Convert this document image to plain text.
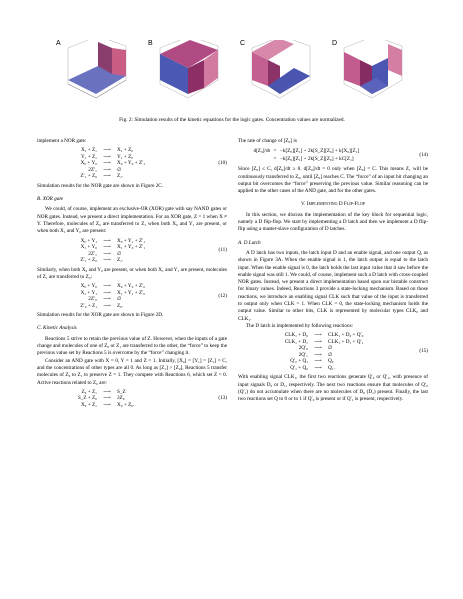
A	B	C	D
Fig. 2: Simulation results of the kinetic equations for the logic gates. Concentration values are normalized.

implement a NOR gate:

X₁ + Z₁	⟶	X₁ + Z₀
Y₁ + Z₁	⟶	Y₁ + Z₀
X₀ + Y₀	⟶	X₀ + Y₀ + Z′₁
2Z′₁	⟶	∅
Z′₁ + Z₀	⟶	Z₁.
(10)

Simulation results for the NOR gate are shown in Figure 2C.

B. XOR gate

We could, of course, implement an exclusive-OR (XOR) gate with say NAND gates or NOR gates. Instead, we present a direct implementation. For an XOR gate, Z = 1 when X ≠ Y. Therefore, molecules of Z₀ are transferred to Z₁ when both X₀ and Y₁ are present, or when both X₁ and Y₀ are present:

X₀ + Y₁	⟶	X₀ + Y₁ + Z′₁
X₁ + Y₀	⟶	X₁ + Y₀ + Z′₁
2Z′₁	⟶	∅
Z′₁ + Z₀	⟶	Z₁.
(11)

Similarly, when both X₀ and Y₀ are present, or when both X₁ and Y₁ are present, molecules of Z₁ are transferred to Z₀:

X₀ + Y₀	⟶	X₀ + Y₀ + Z′₀
X₁ + Y₁	⟶	X₁ + Y₁ + Z′₀
2Z′₀	⟶	∅
Z′₀ + Z₁	⟶	Z₀.
(12)

Simulation results for the XOR gate are shown in Figure 2D.

C. Kinetic Analysis

Reactions 5 strive to retain the previous value of Z. However, when the inputs of a gate change and molecules of one of Z₀ or Z₁ are transferred to the other, the “force” to keep the previous value set by Reactions 5 is overcome by the “force” changing it.

Consider an AND gate with X = 0, Y = 1 and Z = 1. Initially, [X₀] = [Y₁] = [Z₁] = C, and the concentrations of other types are all 0. As long as [Z₁] > [Z₀], Reactions 5 transfer molecules of Z₀ to Z₁ to preserve Z = 1. They compete with Reactions 6, which set Z = 0. Active reactions related to Z₀ are:

Z₀ + Z₁	⟶	S_Z
S_Z + Z₀	⟶	3Z₀
X₀ + Z₁	⟶	X₀ + Z₀.
(13)

The rate of change of [Z₀] is

d[Z₀]/dt = −k[Z₀][Z₁] + 2k[S_Z][Z₀] + k[X₀][Z₁]
= −k[Z₀][Z₁] + 2k[S_Z][Z₀] + kC[Z₁]
(14)

Since [Z₀] ≤ C, d[Z₀]/dt ≥ 0. d[Z₀]/dt = 0 only when [Z₀] = C. This means Z₁ will be continuously transferred to Z₀, until [Z₀] reaches C. The “force” of an input bit changing an output bit overcomes the “force” preserving the previous value. Similar reasoning can be applied to the other cases of the AND gate, and for the other gates.

V. Implementing D Flip-Flop

In this section, we discuss the implementation of the key block for sequential logic, namely a D flip-flop. We start by implementing a D latch and then we implement a D flip-flip using a master-slave configuration of D latches.

A. D Latch

A D latch has two inputs, the latch input D and an enable signal, and one output Q, as shown in Figure 3A. When the enable signal is 1, the latch output is equal to the latch input. When the enable signal is 0, the latch holds the last input value that it saw before the enable signal was still 1. We could, of course, implement such a D latch with cross-coupled NOR gates. Instead, we present a direct implementation based upon our bistable construct for binary values. Indeed, Reactions 3 provide a state-locking mechanism. Based on those reactions, we introduce an enabling signal CLK such that value of the input is transferred to output only when CLK = 1. When CLK = 0, the state-locking mechanism holds the output value. Similar to other bits, CLK is represented by molecular types CLK₀ and CLK₁.

The D latch is implemented by following reactions:

CLK₁ + D₀	⟶	CLK₁ + D₀ + Q′₀
CLK₁ + D₁	⟶	CLK₁ + D₁ + Q′₁
2Q′₀	⟶	∅
2Q′₁	⟶	∅
Q′₀ + Q₁	⟶	Q₀
Q′₁ + Q₀	⟶	Q₁.
(15)

With enabling signal CLK₁, the first two reactions generate Q′₀ or Q′₁, with presence of input signals D₀ or D₁, respectively. The next two reactions ensure that molecules of Q′₀ (Q′₁) do not accumulate when there are no molecules of D₀ (D₁) present. Finally, the last two reactions set Q to 0 or to 1 if Q′₀ is present or if Q′₁ is present, respectively.
